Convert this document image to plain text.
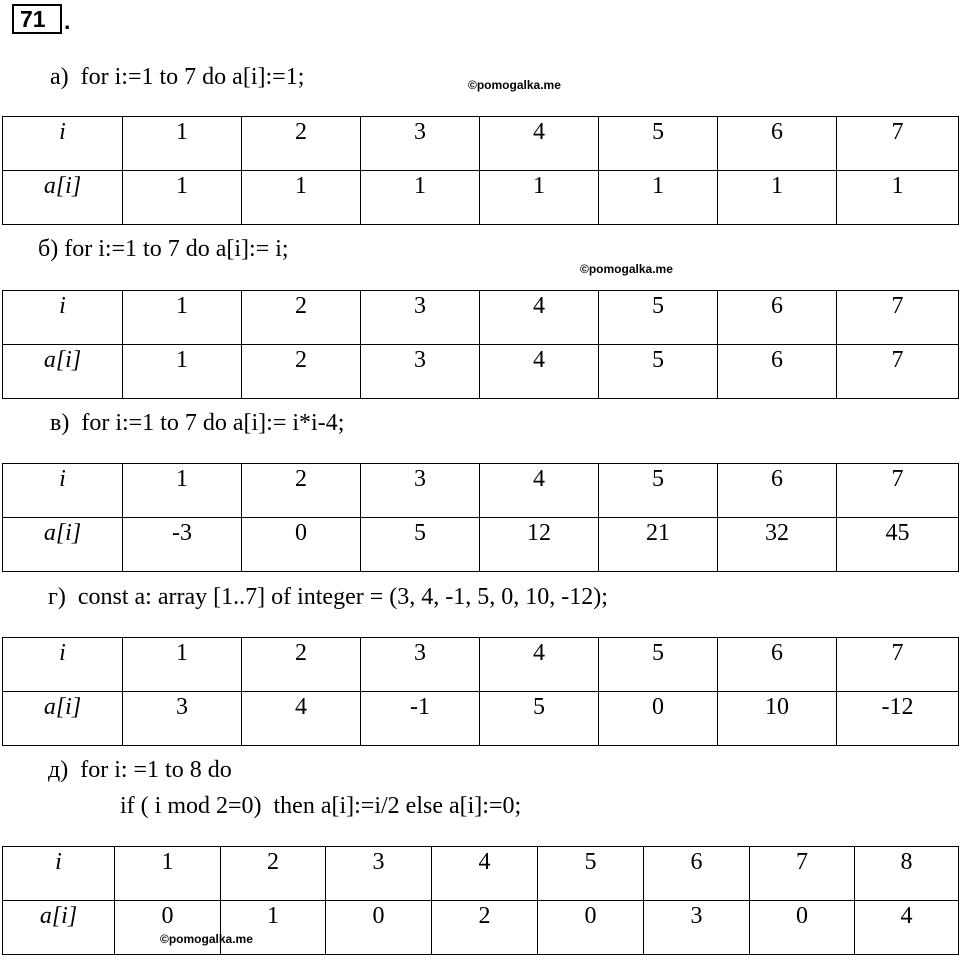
71 .
а) for i:=1 to 7 do a[i]:=1;	©pomogalka.me
i	1	2	3	4	5	6	7
a[i]	1	1	1	1	1	1	1
б) for i:=1 to 7 do a[i]:= i;
©pomogalka.me
i	1	2	3	4	5	6	7
a[i]	1	2	3	4	5	6	7
в) for i:=1 to 7 do a[i]:= i*i-4;
i	1	2	3	4	5	6	7
a[i]	-3	0	5	12	21	32	45
г) const a: array [1..7] of integer = (3, 4, -1, 5, 0, 10, -12);
i	1	2	3	4	5	6	7
a[i]	3	4	-1	5	0	10	-12
д) for i: =1 to 8 do
if ( i mod 2=0)  then a[i]:=i/2 else a[i]:=0;
i	1	2	3	4	5	6	7	8
a[i]	0	1	0	2	0	3	0	4
©pomogalka.me
